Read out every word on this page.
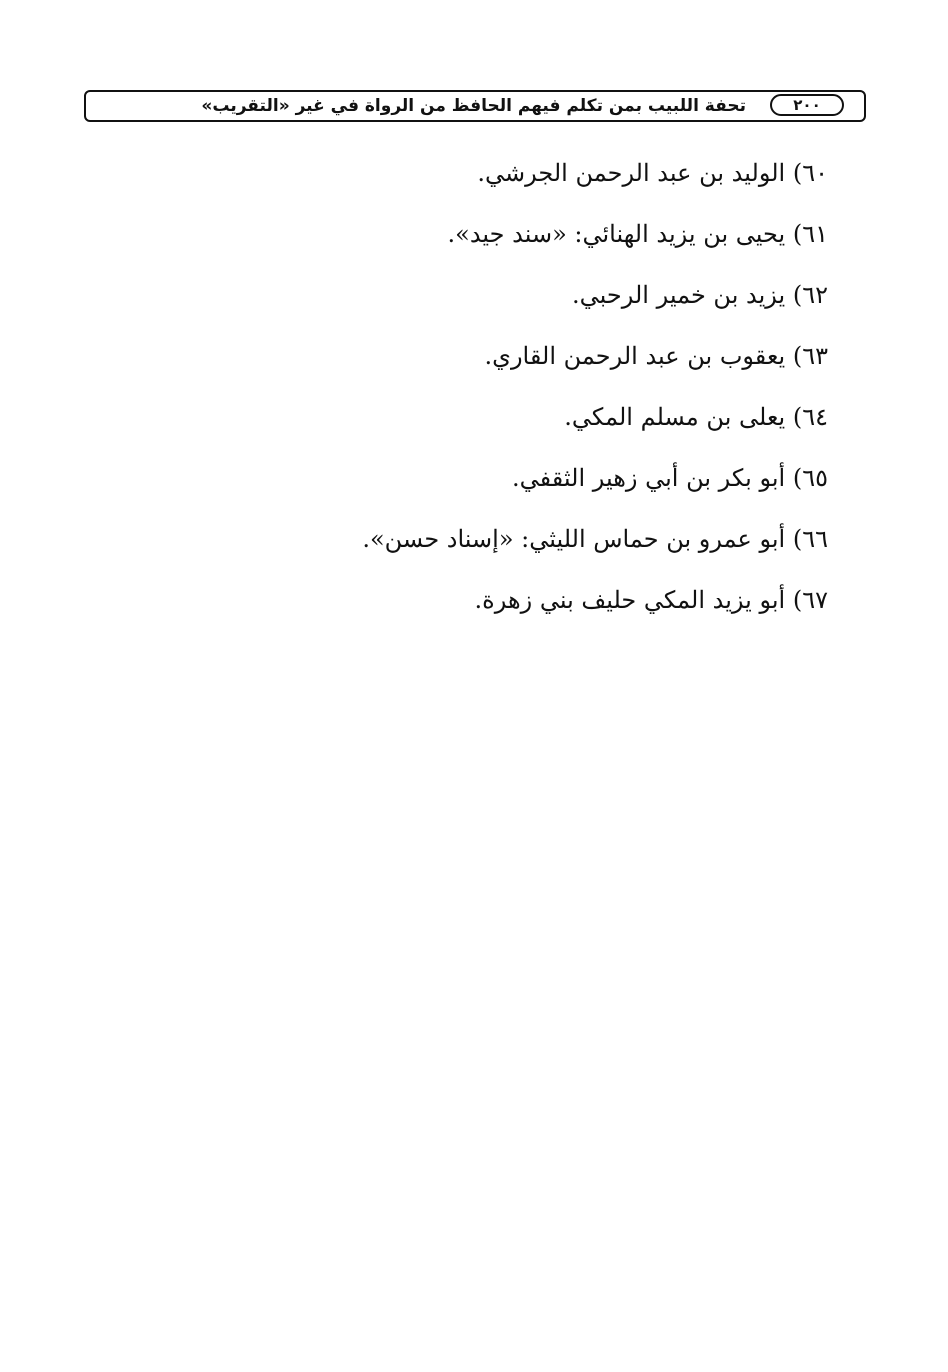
تحفة اللبيب بمن تكلم فيهم الحافظ من الرواة في غير «التقريب»	٢٠٠
٦٠) الوليد بن عبد الرحمن الجرشي.
٦١) يحيى بن يزيد الهنائي: «سند جيد».
٦٢) يزيد بن خمير الرحبي.
٦٣) يعقوب بن عبد الرحمن القاري.
٦٤) يعلى بن مسلم المكي.
٦٥) أبو بكر بن أبي زهير الثقفي.
٦٦) أبو عمرو بن حماس الليثي: «إسناد حسن».
٦٧) أبو يزيد المكي حليف بني زهرة.
